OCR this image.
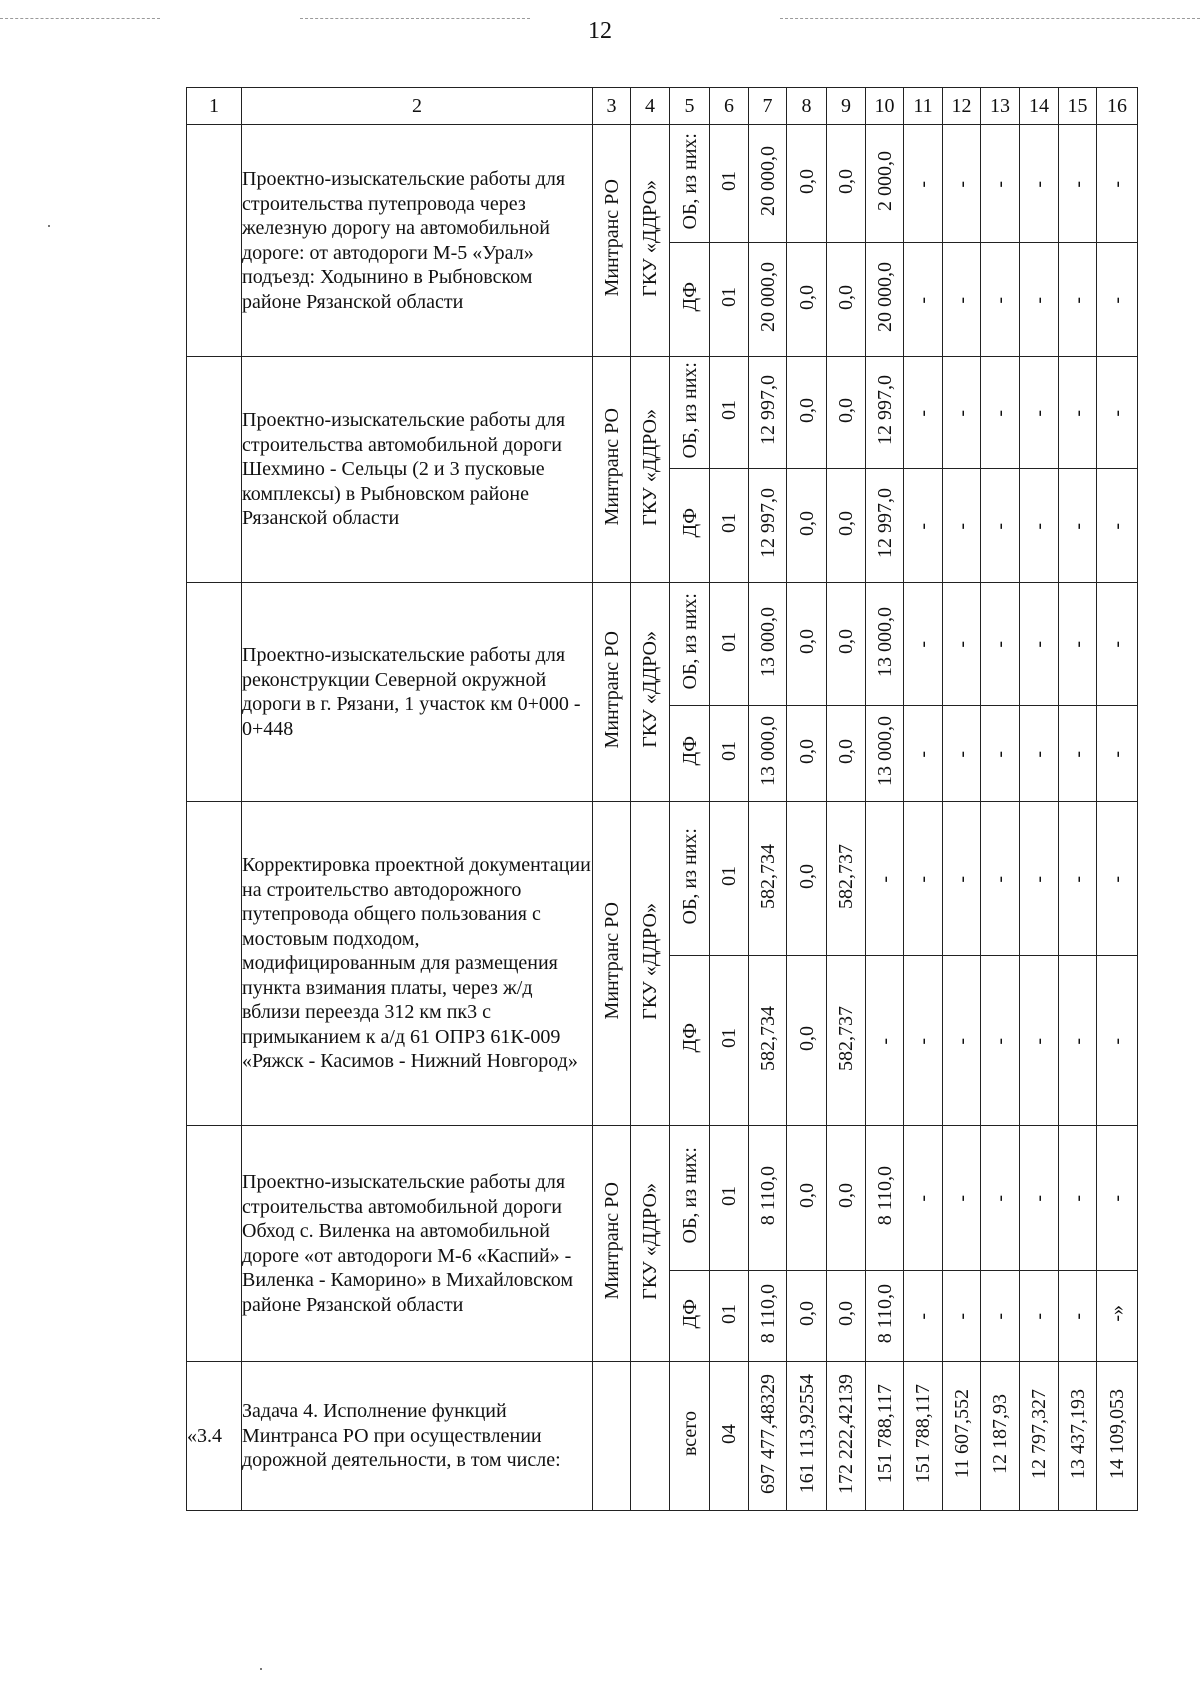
12
1	2	3	4	5	6	7	8	9	10	11	12	13	14	15	16
	Проектно-изыскательские работы для строительства путепровода через железную дорогу на автомобильной дороге: от автодороги М-5 «Урал» подъезд: Ходынино в Рыбновском районе Рязанской области	Минтранс РО	ГКУ «ДДРО»	ОБ, из них:	01	20 000,0	0,0	0,0	2 000,0	-	-	-	-	-	-
				ДФ	01	20 000,0	0,0	0,0	20 000,0	-	-	-	-	-	-
	Проектно-изыскательские работы для строительства автомобильной дороги Шехмино - Сельцы (2 и 3 пусковые комплексы) в Рыбновском районе Рязанской области	Минтранс РО	ГКУ «ДДРО»	ОБ, из них:	01	12 997,0	0,0	0,0	12 997,0	-	-	-	-	-	-
				ДФ	01	12 997,0	0,0	0,0	12 997,0	-	-	-	-	-	-
	Проектно-изыскательские работы для реконструкции Северной окружной дороги в г. Рязани, 1 участок км 0+000 - 0+448	Минтранс РО	ГКУ «ДДРО»	ОБ, из них:	01	13 000,0	0,0	0,0	13 000,0	-	-	-	-	-	-
				ДФ	01	13 000,0	0,0	0,0	13 000,0	-	-	-	-	-	-
	Корректировка проектной документации на строительство автодорожного путепровода общего пользования с мостовым подходом, модифицированным для размещения пункта взимания платы, через ж/д вблизи переезда 312 км пк3 с примыканием к а/д 61 ОПРЗ 61К-009 «Ряжск - Касимов - Нижний Новгород»	Минтранс РО	ГКУ «ДДРО»	ОБ, из них:	01	582,734	0,0	582,737	-	-	-	-	-	-	-
				ДФ	01	582,734	0,0	582,737	-	-	-	-	-	-	-
	Проектно-изыскательские работы для строительства автомобильной дороги Обход с. Виленка на автомобильной дороге «от автодороги М-6 «Каспий» - Виленка - Каморино» в Михайловском районе Рязанской области	Минтранс РО	ГКУ «ДДРО»	ОБ, из них:	01	8 110,0	0,0	0,0	8 110,0	-	-	-	-	-	-
				ДФ	01	8 110,0	0,0	0,0	8 110,0	-	-	-	-	-	-»
«3.4	Задача 4. Исполнение функций Минтранса РО при осуществлении дорожной деятельности, в том числе:			всего	04	697 477,48329	161 113,92554	172 222,42139	151 788,117	151 788,117	11 607,552	12 187,93	12 797,327	13 437,193	14 109,053
